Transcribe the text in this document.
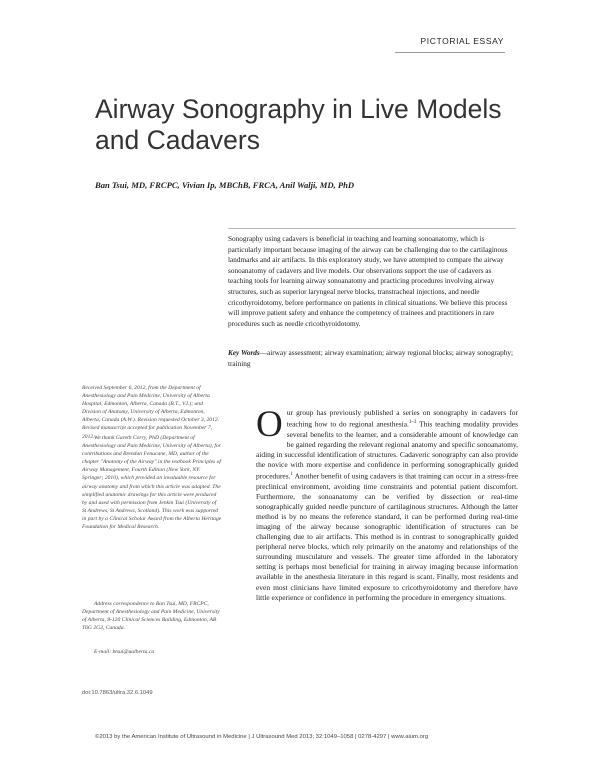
PICTORIAL ESSAY
Airway Sonography in Live Models
and Cadavers
Ban Tsui, MD, FRCPC, Vivian Ip, MBChB, FRCA, Anil Walji, MD, PhD

Sonography using cadavers is beneficial in teaching and learning sonoanatomy, which is particularly important because imaging of the airway can be challenging due to the cartilaginous landmarks and air artifacts. In this exploratory study, we have attempted to compare the airway sonoanatomy of cadavers and live models. Our observations support the use of cadavers as teaching tools for learning airway sonoanatomy and practicing procedures involving airway structures, such as superior laryngeal nerve blocks, transtracheal injections, and needle cricothyroidotomy, before performance on patients in clinical situations. We believe this process will improve patient safety and enhance the competency of trainees and practitioners in rare procedures such as needle cricothyroidotomy.

Key Words—airway assessment; airway examination; airway regional blocks; airway sonography; training

Received September 6, 2012, from the Department of Anesthesiology and Pain Medicine, University of Alberta Hospital, Edmonton, Alberta, Canada (B.T., V.I.); and Division of Anatomy, University of Alberta, Edmonton, Alberta, Canada (A.W.). Revision requested October 3, 2012. Revised manuscript accepted for publication November 7, 2012. We thank Gareth Corry, PhD (Department of Anesthesiology and Pain Medicine, University of Alberta), for contributions and Brendan Fenucane, MD, author of the chapter "Anatomy of the Airway" in the textbook Principles of Airway Management, Fourth Edition (New York, NY: Springer; 2010), which provided an invaluable resource for airway anatomy and from which this article was adapted. The simplified anatomic drawings for this article were produced by and used with permission from Jenkin Tsui (University of St Andrews, St Andrews, Scotland). This work was supported in part by a Clinical Scholar Award from the Alberta Heritage Foundation for Medical Research.

Address correspondence to Ban Tsui, MD, FRCPC, Department of Anesthesiology and Pain Medicine, University of Alberta, 8-120 Clinical Sciences Building, Edmonton, AB T6G 2G3, Canada.

E-mail: btsui@ualberta.ca

doi:10.7863/ultra.32.6.1049

Our group has previously published a series on sonography in cadavers for teaching how to do regional anesthesia.$^{1-3}$ This teaching modality provides several benefits to the learner, and a considerable amount of knowledge can be gained regarding the relevant regional anatomy and specific sonoanatomy, aiding in successful identification of structures. Cadaveric sonography can also provide the novice with more expertise and confidence in performing sonographically guided procedures.$^1$ Another benefit of using cadavers is that training can occur in a stress-free preclinical environment, avoiding time constraints and potential patient discomfort. Furthermore, the sonoanatomy can be verified by dissection or real-time sonographically guided needle puncture of cartilaginous structures. Although the latter method is by no means the reference standard, it can be performed during real-time imaging of the airway because sonographic identification of structures can be challenging due to air artifacts. This method is in contrast to sonographically guided peripheral nerve blocks, which rely primarily on the anatomy and relationships of the surrounding musculature and vessels. The greater time afforded in the laboratory setting is perhaps most beneficial for training in airway imaging because information available in the anesthesia literature in this regard is scant. Finally, most residents and even most clinicians have limited exposure to cricothyroidotomy and therefore have little experience or confidence in performing the procedure in emergency situations.

©2013 by the American Institute of Ultrasound in Medicine | J Ultrasound Med 2013; 32:1049–1058 | 0278-4297 | www.aium.org
